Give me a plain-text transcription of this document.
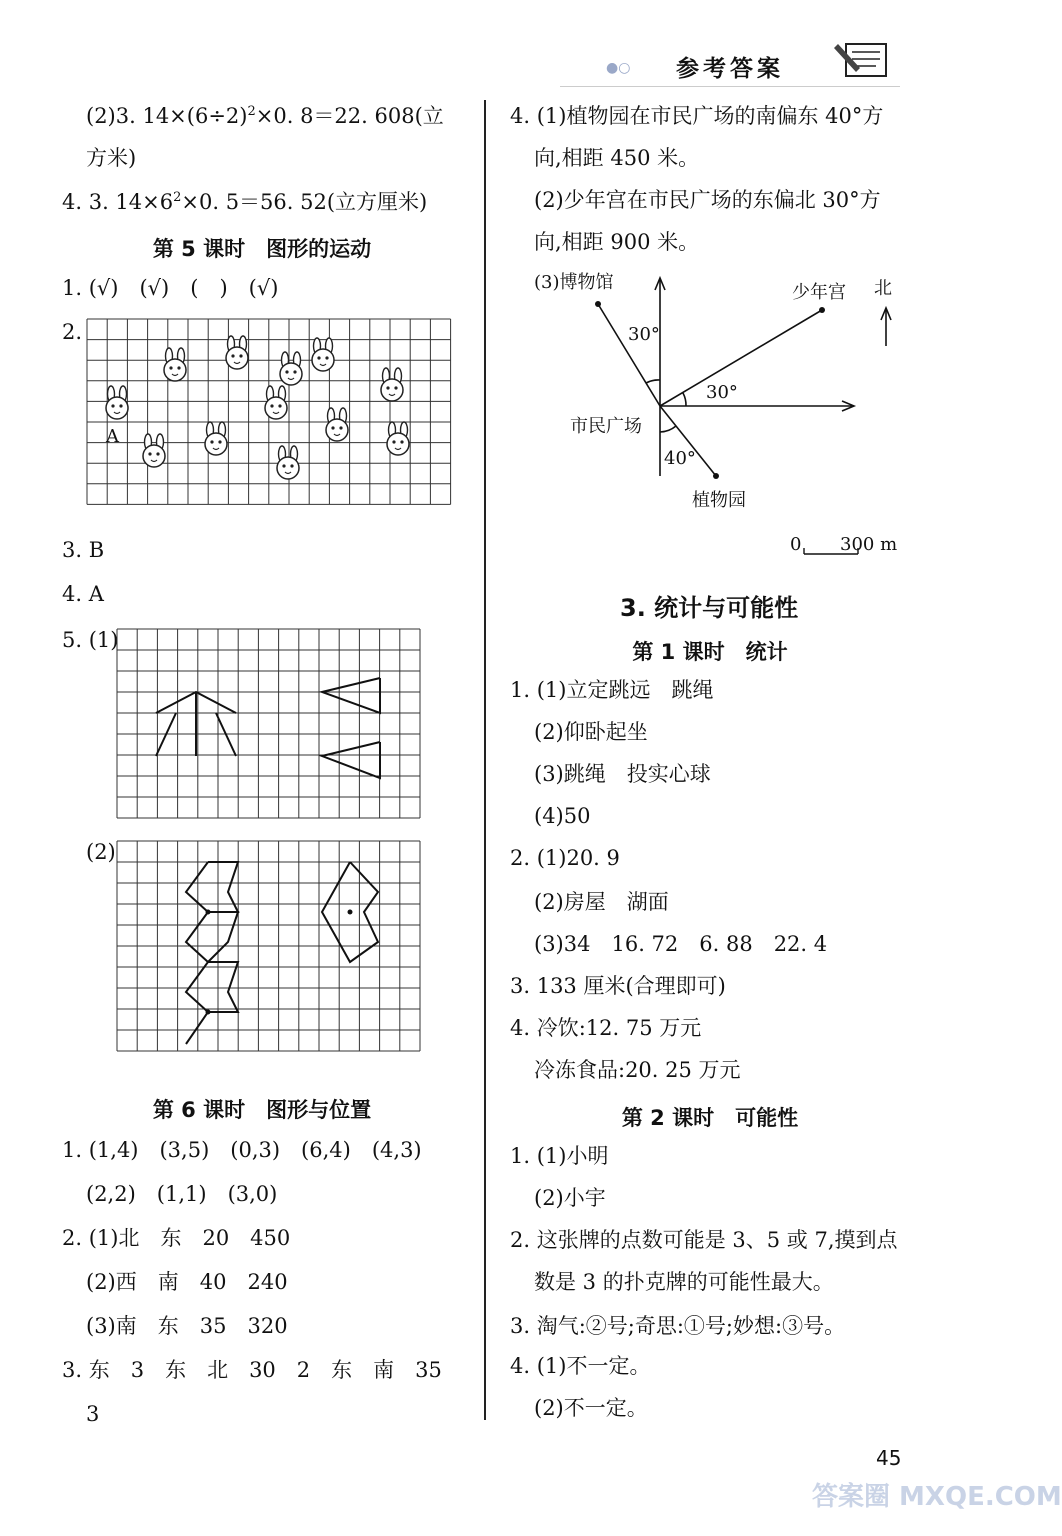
●○ 参考答案
(2)3. $14\times(6\div 2)^2\times 0$. 8＝22. 608(立
方米)
4. 3. $14\times 6^2\times 0$. 5＝56. 52(立方厘米)
第 5 课时　图形的运动
1. (√)　(√)　(　)　(√)
2.
A
3. B
4. A
5. (1)
(2)
第 6 课时　图形与位置
1. (1,4)　(3,5)　(0,3)　(6,4)　(4,3)
(2,2)　(1,1)　(3,0)
2. (1)北　东　20　450
(2)西　南　40　240
(3)南　东　35　320
3. 东　3　东　北　30　2　东　南　35
3
4. (1)植物园在市民广场的南偏东 40°方
向,相距 450 米。
(2)少年宫在市民广场的东偏北 30°方
向,相距 900 米。
(3)博物馆	少年宫 北
30°
30°
40°
市民广场
植物园
0 300 m
3. 统计与可能性
第 1 课时　统计
1. (1)立定跳远　跳绳
(2)仰卧起坐
(3)跳绳　投实心球
(4)50
2. (1)20. 9
(2)房屋　湖面
(3)34　16. 72　6. 88　22. 4
3. 133 厘米(合理即可)
4. 冷饮:12. 75 万元
冷冻食品:20. 25 万元
第 2 课时　可能性
1. (1)小明
(2)小宇
2. 这张牌的点数可能是 3、5 或 7,摸到点
数是 3 的扑克牌的可能性最大。
3. 淘气:②号;奇思:①号;妙想:③号。
4. (1)不一定。
(2)不一定。
45
答案圈 MXQE.COM
